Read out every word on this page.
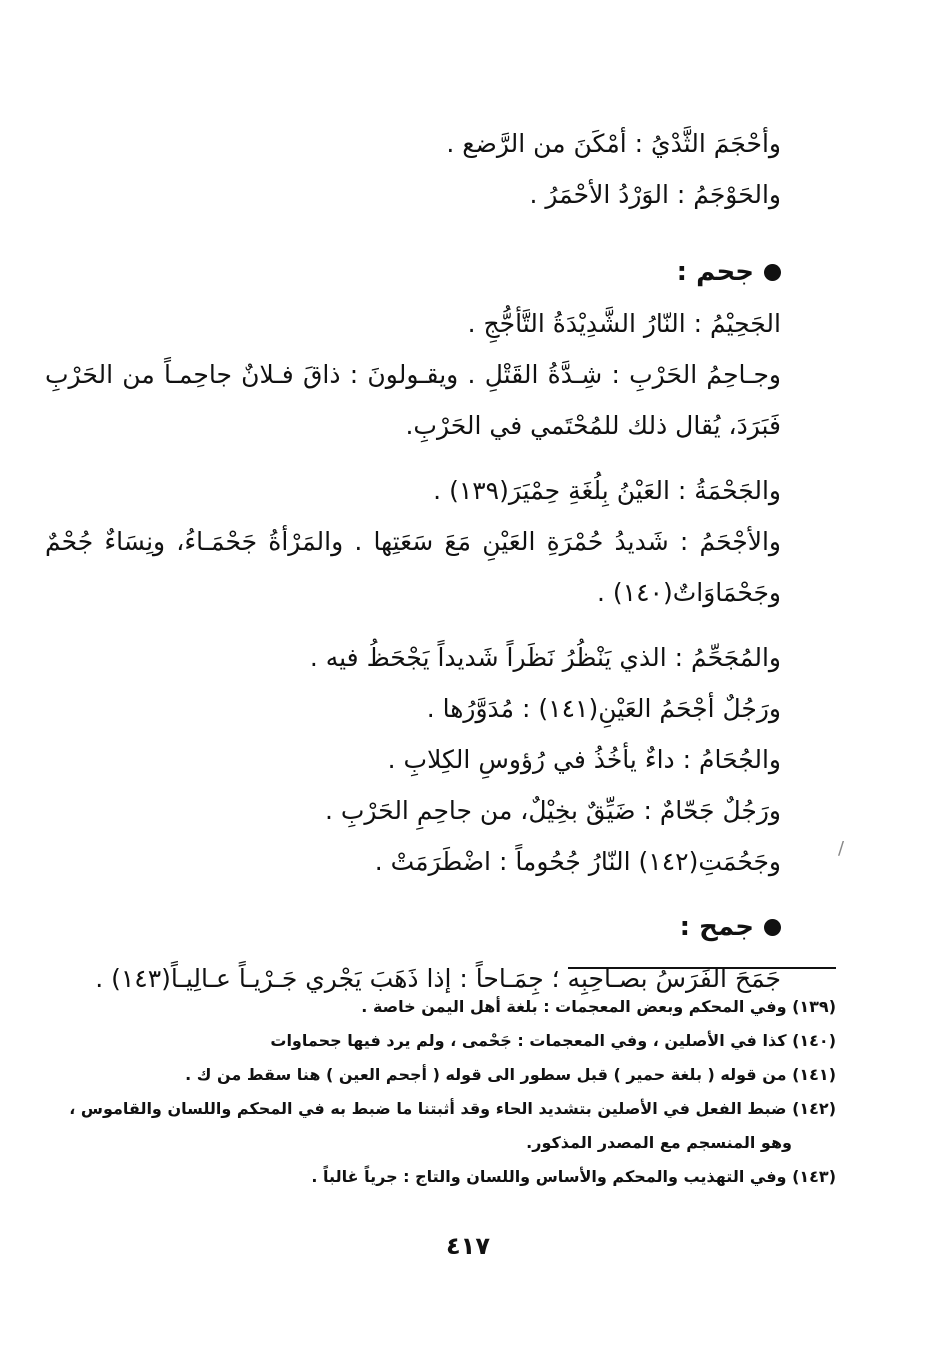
وأحْجَمَ الثَّدْيُ : أمْكَنَ من الرَّضع .

والحَوْجَمُ : الوَرْدُ الأحْمَرُ .

جحم :

الجَحِيْمُ : النّارُ الشَّدِيْدَةُ التَّأجُّجِ .

وجـاحِمُ الحَرْبِ : شِـدَّةُ القَتْلِ . ويقـولونَ : ذاقَ فـلانٌ جاحِمـاً من الحَرْبِ فَبَرَدَ، يُقال ذلك للمُحْتَمي في الحَرْبِ.

والجَحْمَةُ : العَيْنُ بِلُغَةِ حِمْيَرَ(١٣٩) .

والأجْحَمُ : شَديدُ حُمْرَةِ العَيْنِ مَعَ سَعَتِها . والمَرْأةُ جَحْمَـاءُ، ونِسَاءٌ جُحْمٌ وجَحْمَاوَاتٌ(١٤٠) .

والمُجَحِّمُ : الذي يَنْظُرُ نَظَراً شَديداً يَجْحَظُ فيه .

ورَجُلٌ أجْحَمُ العَيْنِ(١٤١) : مُدَوَّرُها .

والجُحَامُ : داءٌ يأخُذُ في رُؤوسِ الكِلابِ .

ورَجُلٌ جَحّامٌ : ضَيِّقٌ بخِيْلٌ، من جاحِمِ الحَرْبِ .

وجَحُمَتِ(١٤٢) النّارُ جُحُوماً : اضْطَرَمَتْ .

جمح :

جَمَحَ الفَرَسُ بصـاحِبِه ؛ جِمَـاحاً : إذا ذَهَبَ يَجْري جَـرْيـاً عـالِيـاً(١٤٣) .

(١٣٩) وفي المحكم وبعض المعجمات : بلغة أهل اليمن خاصة .
(١٤٠) كذا في الأصلين ، وفي المعجمات : جَحْمى ، ولم يرد فيها جحماوات
(١٤١) من قوله ( بلغة حمير ) قبل سطور الى قوله ( أجحم العين ) هنا سقط من ك .
(١٤٢) ضبط الفعل في الأصلين بتشديد الحاء وقد أثبتنا ما ضبط به في المحكم واللسان والقاموس ،
وهو المنسجم مع المصدر المذكور.
(١٤٣) وفي التهذيب والمحكم والأساس واللسان والتاج : جرياً غالباً .
٤١٧
/
